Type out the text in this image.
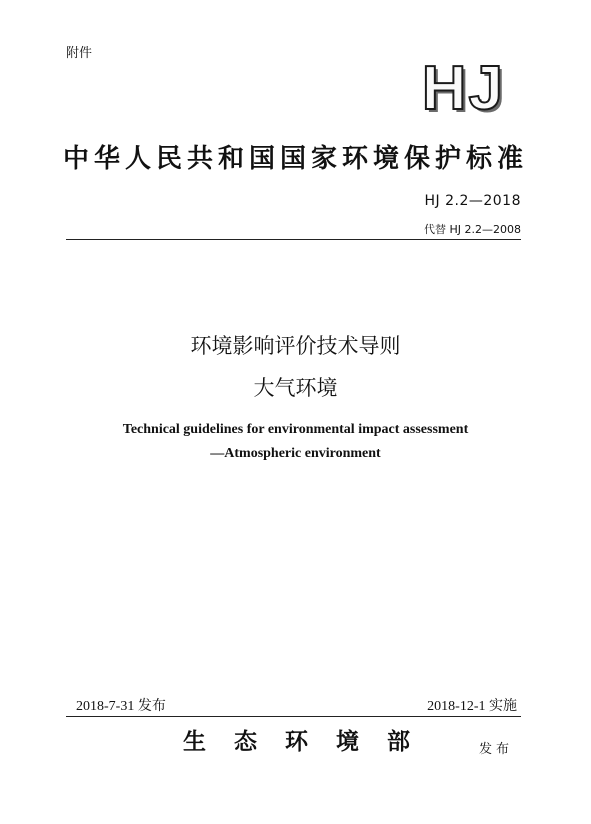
附件
HJ
中华人民共和国国家环境保护标准
HJ 2.2—2018
代替 HJ 2.2—2008
环境影响评价技术导则
大气环境
Technical guidelines for environmental impact assessment
—Atmospheric environment
2018-7-31 发布	2018-12-1 实施
生态环境部	发布
